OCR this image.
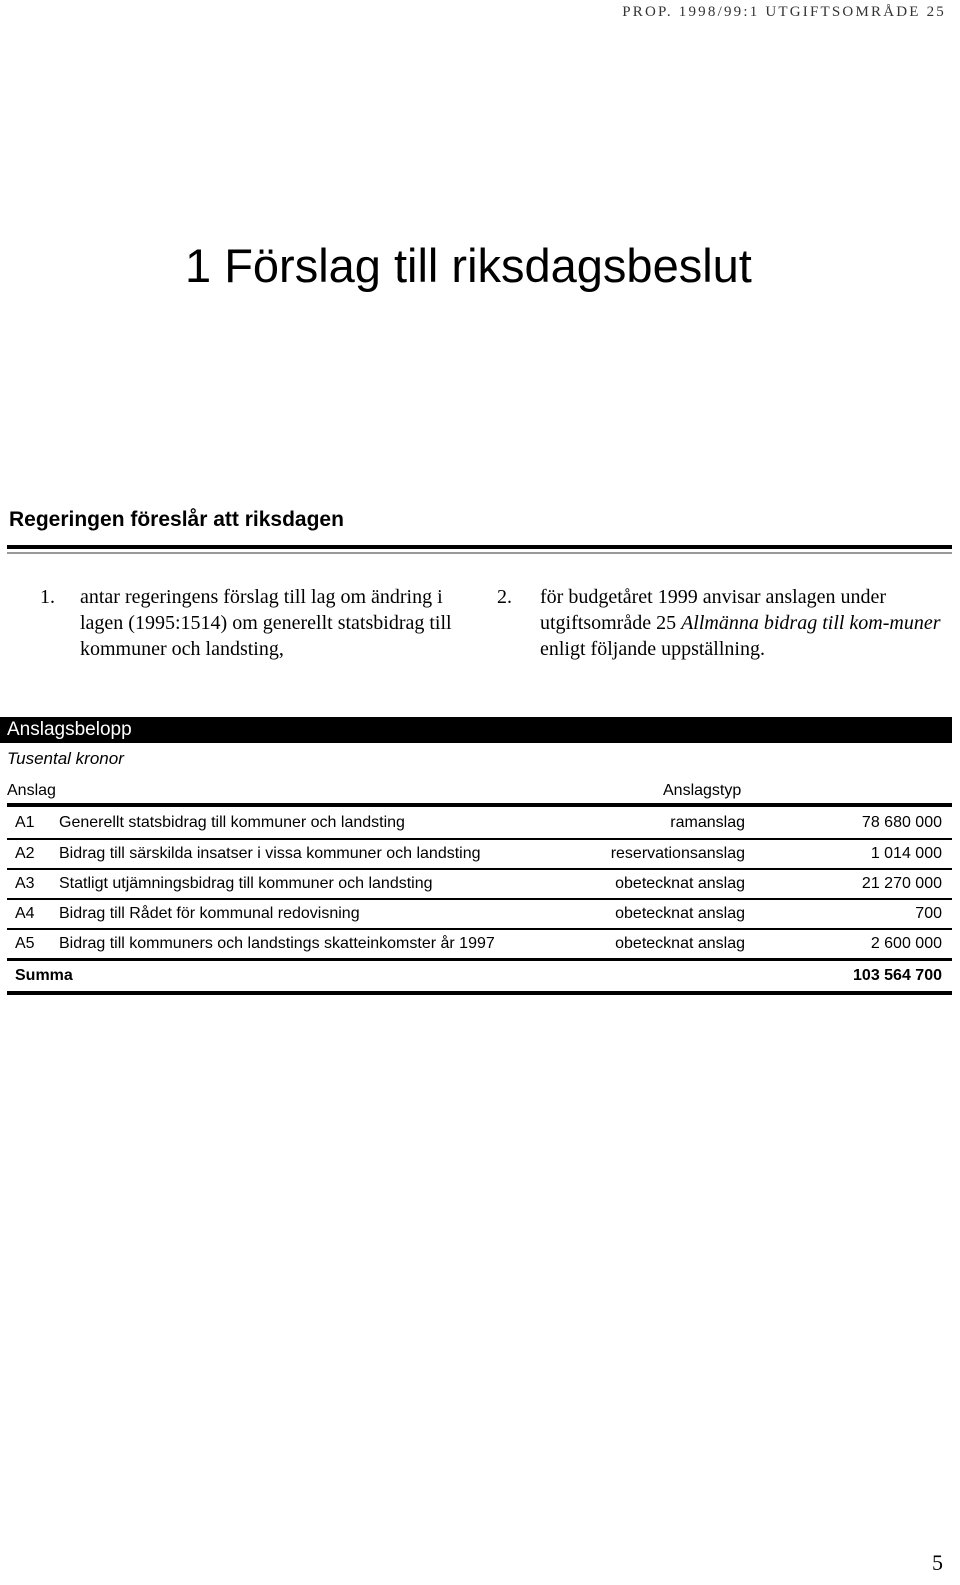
PROP. 1998/99:1 UTGIFTSOMRÅDE 25
1 Förslag till riksdagsbeslut
Regeringen föreslår att riksdagen
1. antar regeringens förslag till lag om ändring i lagen (1995:1514) om generellt statsbidrag till kommuner och landsting,
2. för budgetåret 1999 anvisar anslagen under utgiftsområde 25 Allmänna bidrag till kom-muner enligt följande uppställning.
Anslagsbelopp
Tusental kronor
Anslag	Anslagstyp
A1 Generellt statsbidrag till kommuner och landsting	ramanslag	78 680 000
A2 Bidrag till särskilda insatser i vissa kommuner och landsting	reservationsanslag	1 014 000
A3 Statligt utjämningsbidrag till kommuner och landsting	obetecknat anslag	21 270 000
A4 Bidrag till Rådet för kommunal redovisning	obetecknat anslag	700
A5 Bidrag till kommuners och landstings skatteinkomster år 1997	obetecknat anslag	2 600 000
Summa	103 564 700
5
